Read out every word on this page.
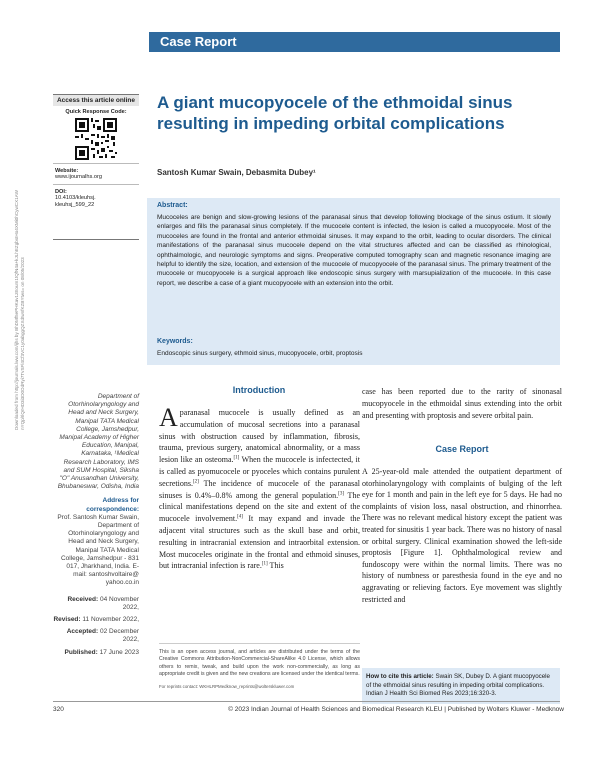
Case Report
Downloaded from http://journals.lww.com/ijhs by BhDMf5ePHKav1zEoum1tQfN4a+kJLhEZgbsIHo4XMi0hCywCX1AW nYQp/IlQrHD3i3D0OdRyi7TvSFl4Cf3VC1y0abggQZXdtwnfKZBYtws= on 08/05/2023
Access this article online
Quick Response Code:
Website:
www.ijournalhs.org
DOI:
10.4103/kleuhsj.
kleuhsj_599_22
A giant mucopyocele of the ethmoidal sinus resulting in impeding orbital complications
Santosh Kumar Swain, Debasmita Dubey¹
Abstract:
Mucoceles are benign and slow-growing lesions of the paranasal sinus that develop following blockage of the sinus ostium. It slowly enlarges and fills the paranasal sinus completely. If the mucocele content is infected, the lesion is called a mucopyocele. Most of the mucoceles are found in the frontal and anterior ethmoidal sinuses. It may expand to the orbit, leading to ocular disorders. The clinical manifestations of the paranasal sinus mucocele depend on the vital structures affected and can be classified as rhinological, ophthalmologic, and neurologic symptoms and signs. Preoperative computed tomography scan and magnetic resonance imaging are helpful to identify the size, location, and extension of the mucocele of mucopyocele of the paranasal sinus. The primary treatment of the mucocele or mucopyocele is a surgical approach like endoscopic sinus surgery with marsupialization of the mucocele. In this case report, we describe a case of a giant mucopyocele with an extension into the orbit.
Keywords:
Endoscopic sinus surgery, ethmoid sinus, mucopyocele, orbit, proptosis
Department of Otorhinolaryngology and Head and Neck Surgery, Manipal TATA Medical College, Jamshedpur, Manipal Academy of Higher Education, Manipal, Karnataka, ¹Medical Research Laboratory, IMS and SUM Hospital, Siksha "O" Anusandhan University, Bhubaneswar, Odisha, India
Address for correspondence:
Prof. Santosh Kumar Swain, Department of Otorhinolaryngology and Head and Neck Surgery, Manipal TATA Medical College, Jamshedpur - 831 017, Jharkhand, India. E-mail: santoshvoltaire@ yahoo.co.in
Received: 04 November 2022,
Revised: 11 November 2022,
Accepted: 02 December 2022,
Published: 17 June 2023
Introduction
Aparanasal mucocele is usually defined as an accumulation of mucosal secretions into a paranasal sinus with obstruction caused by inflammation, fibrosis, trauma, previous surgery, anatomical abnormality, or a mass lesion like an osteoma.[1] When the mucocele is infectected, it is called as pyomucocele or pyoceles which contains purulent secretions.[2] The incidence of mucocele of the paranasal sinuses is 0.4%–0.8% among the general population.[3] The clinical manifestations depend on the site and extent of the mucocele involvement.[4] It may expand and invade the adjacent vital structures such as the skull base and orbit, resulting in intracranial extension and intraorbital extension. Most mucoceles originate in the frontal and ethmoid sinuses, but intracranial infection is rare.[1] This
This is an open access journal, and articles are distributed under the terms of the Creative Commons Attribution-NonCommercial-ShareAlike 4.0 License, which allows others to remix, tweak, and build upon the work non-commercially, as long as appropriate credit is given and the new creations are licensed under the identical terms.
For reprints contact: WKHLRPMedknow_reprints@wolterskluwer.com
case has been reported due to the rarity of sinonasal mucopyocele in the ethmoidal sinus extending into the orbit and presenting with proptosis and severe orbital pain.
Case Report
A 25-year-old male attended the outpatient department of otorhinolaryngology with complaints of bulging of the left eye for 1 month and pain in the left eye for 5 days. He had no complaints of vision loss, nasal obstruction, and rhinorrhea. There was no relevant medical history except the patient was treated for sinusitis 1 year back. There was no history of nasal or orbital surgery. Clinical examination showed the left-side proptosis [Figure 1]. Ophthalmological review and fundoscopy were within the normal limits. There was no history of numbness or paresthesia found in the eye and no aggravating or relieving factors. Eye movement was slightly restricted and
How to cite this article: Swain SK, Dubey D. A giant mucopyocele of the ethmoidal sinus resulting in impeding orbital complications. Indian J Health Sci Biomed Res 2023;16:320-3.
320	© 2023 Indian Journal of Health Sciences and Biomedical Research KLEU | Published by Wolters Kluwer - Medknow
